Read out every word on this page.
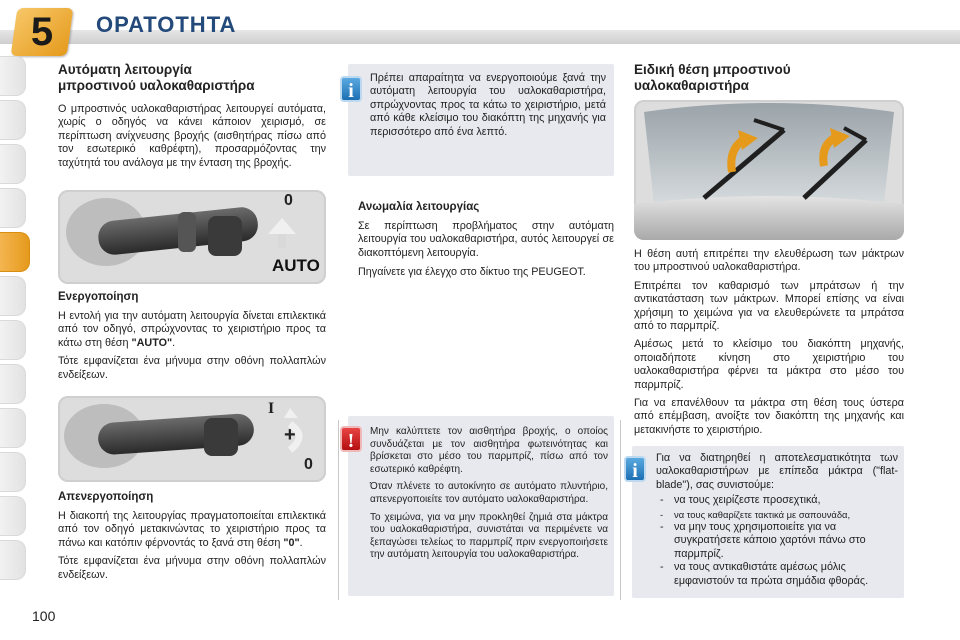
5	ΟΡΑΤΟΤΗΤΑ
Αυτόματη λειτουργία
μπροστινού υαλοκαθαριστήρα

Ο μπροστινός υαλοκαθαριστήρας λειτουργεί αυτόματα, χωρίς ο οδηγός να κάνει κάποιον χειρισμό, σε περίπτωση ανίχνευσης βροχής (αισθητήρας πίσω από τον εσωτερικό καθρέφτη), προσαρμόζοντας την ταχύτητά του ανάλογα με την ένταση της βροχής.

0
AUTO
Ενεργοποίηση

Η εντολή για την αυτόματη λειτουργία δίνεται επιλεκτικά από τον οδηγό, σπρώχνοντας το χειριστήριο προς τα κάτω στη θέση "AUTO".

Τότε εμφανίζεται ένα μήνυμα στην οθόνη πολλαπλών ενδείξεων.

I
+
0
Απενεργοποίηση

Η διακοπή της λειτουργίας πραγματοποιείται επιλεκτικά από τον οδηγό μετακινώντας το χειριστήριο προς τα πάνω και κατόπιν φέρνοντάς το ξανά στη θέση "0".

Τότε εμφανίζεται ένα μήνυμα στην οθόνη πολλαπλών ενδείξεων.

i

Πρέπει απαραίτητα να ενεργοποιούμε ξανά την αυτόματη λειτουργία του υαλοκαθαριστήρα, σπρώχνοντας προς τα κάτω το χειριστήριο, μετά από κάθε κλείσιμο του διακόπτη της μηχανής για περισσότερο από ένα λεπτό.

Ανωμαλία λειτουργίας

Σε περίπτωση προβλήματος στην αυτόματη λειτουργία του υαλοκαθαριστήρα, αυτός λειτουργεί σε διακοπτόμενη λειτουργία.

Πηγαίνετε για έλεγχο στο δίκτυο της PEUGEOT.

!	Μην καλύπτετε τον αισθητήρα βροχής, ο οποίος συνδυάζεται με τον αισθητήρα φωτεινότητας και βρίσκεται στο μέσο του παρμπρίζ, πίσω από τον εσωτερικό καθρέφτη.

Όταν πλένετε το αυτοκίνητο σε αυτόματο πλυντήριο, απενεργοποιείτε τον αυτόματο υαλοκαθαριστήρα.

Το χειμώνα, για να μην προκληθεί ζημιά στα μάκτρα του υαλοκαθαριστήρα, συνιστάται να περιμένετε να ξεπαγώσει τελείως το παρμπρίζ πριν ενεργοποιήσετε την αυτόματη λειτουργία του υαλοκαθαριστήρα.

Ειδική θέση μπροστινού
υαλοκαθαριστήρα

Η θέση αυτή επιτρέπει την ελευθέρωση των μάκτρων του μπροστινού υαλοκαθαριστήρα.

Επιτρέπει τον καθαρισμό των μπράτσων ή την αντικατάσταση των μάκτρων. Μπορεί επίσης να είναι χρήσιμη το χειμώνα για να ελευθερώνετε τα μπράτσα από το παρμπρίζ.

Αμέσως μετά το κλείσιμο του διακόπτη μηχανής, οποιαδήποτε κίνηση στο χειριστήριο του υαλοκαθαριστήρα φέρνει τα μάκτρα στο μέσο του παρμπρίζ.

Για να επανέλθουν τα μάκτρα στη θέση τους ύστερα από επέμβαση, ανοίξτε τον διακόπτη της μηχανής και μετακινήστε το χειριστήριο.

i

Για να διατηρηθεί η αποτελεσματικότητα των υαλοκαθαριστήρων με επίπεδα μάκτρα ("flat-blade"), σας συνιστούμε:

- να τους χειρίζεστε προσεχτικά,
- να τους καθαρίζετε τακτικά με σαπουνάδα,
- να μην τους χρησιμοποιείτε για να συγκρατήσετε κάποιο χαρτόνι πάνω στο παρμπρίζ.
- να τους αντικαθιστάτε αμέσως μόλις εμφανιστούν τα πρώτα σημάδια φθοράς.
100
